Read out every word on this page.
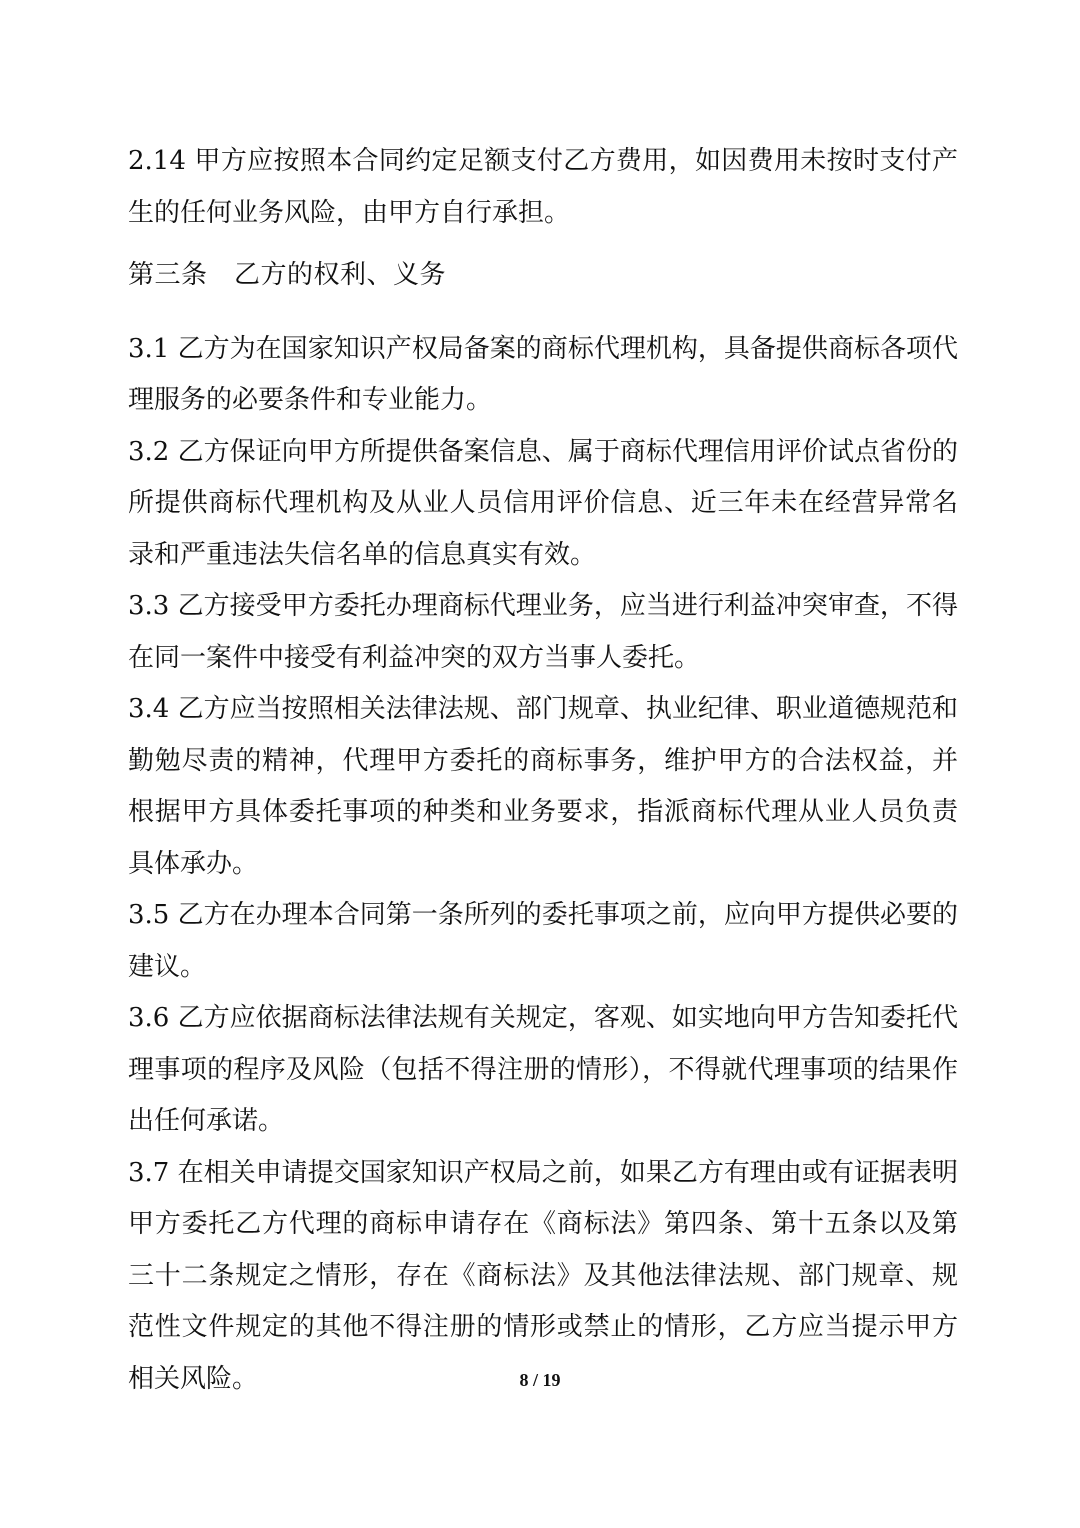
2.14 甲方应按照本合同约定足额支付乙方费用，如因费用未按时支付产生的任何业务风险，由甲方自行承担。

第三条　乙方的权利、义务

3.1 乙方为在国家知识产权局备案的商标代理机构，具备提供商标各项代理服务的必要条件和专业能力。

3.2 乙方保证向甲方所提供备案信息、属于商标代理信用评价试点省份的所提供商标代理机构及从业人员信用评价信息、近三年未在经营异常名录和严重违法失信名单的信息真实有效。

3.3 乙方接受甲方委托办理商标代理业务，应当进行利益冲突审查，不得在同一案件中接受有利益冲突的双方当事人委托。

3.4 乙方应当按照相关法律法规、部门规章、执业纪律、职业道德规范和勤勉尽责的精神，代理甲方委托的商标事务，维护甲方的合法权益，并根据甲方具体委托事项的种类和业务要求，指派商标代理从业人员负责具体承办。

3.5 乙方在办理本合同第一条所列的委托事项之前，应向甲方提供必要的建议。

3.6 乙方应依据商标法律法规有关规定，客观、如实地向甲方告知委托代理事项的程序及风险（包括不得注册的情形），不得就代理事项的结果作出任何承诺。

3.7 在相关申请提交国家知识产权局之前，如果乙方有理由或有证据表明甲方委托乙方代理的商标申请存在《商标法》第四条、第十五条以及第三十二条规定之情形，存在《商标法》及其他法律法规、部门规章、规范性文件规定的其他不得注册的情形或禁止的情形，乙方应当提示甲方相关风险。	8 / 19
